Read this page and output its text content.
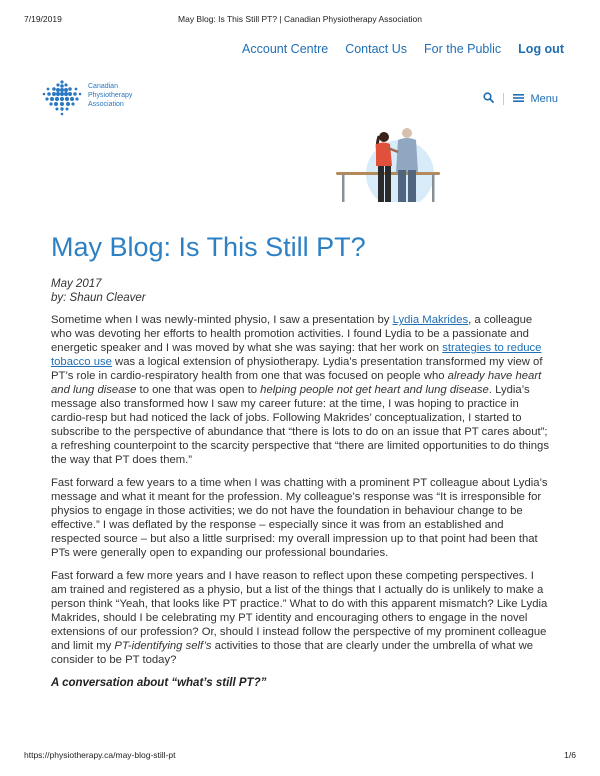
7/19/2019	May Blog: Is This Still PT? | Canadian Physiotherapy Association
Account Centre Contact Us For the Public Log out
Canadian
Physiotherapy
Association	Menu
May Blog: Is This Still PT?
May 2017
by: Shaun Cleaver

Sometime when I was newly-minted physio, I saw a presentation by Lydia Makrides, a colleague who was devoting her efforts to health promotion activities. I found Lydia to be a passionate and energetic speaker and I was moved by what she was saying: that her work on strategies to reduce tobacco use was a logical extension of physiotherapy. Lydia’s presentation transformed my view of PT’s role in cardio-respiratory health from one that was focused on people who already have heart and lung disease to one that was open to helping people not get heart and lung disease. Lydia’s message also transformed how I saw my career future: at the time, I was hoping to practice in cardio-resp but had noticed the lack of jobs. Following Makrides’ conceptualization, I started to subscribe to the perspective of abundance that “there is lots to do on an issue that PT cares about”; a refreshing counterpoint to the scarcity perspective that “there are limited opportunities to do things the way that PT does them.”

Fast forward a few years to a time when I was chatting with a prominent PT colleague about Lydia’s message and what it meant for the profession. My colleague’s response was “It is irresponsible for physios to engage in those activities; we do not have the foundation in behaviour change to be effective.” I was deflated by the response – especially since it was from an established and respected source – but also a little surprised: my overall impression up to that point had been that PTs were generally open to expanding our professional boundaries.

Fast forward a few more years and I have reason to reflect upon these competing perspectives. I am trained and registered as a physio, but a list of the things that I actually do is unlikely to make a person think “Yeah, that looks like PT practice.” What to do with this apparent mismatch? Like Lydia Makrides, should I be celebrating my PT identity and encouraging others to engage in the novel extensions of our profession? Or, should I instead follow the perspective of my prominent colleague and limit my PT-identifying self’s activities to those that are clearly under the umbrella of what we consider to be PT today?

A conversation about “what’s still PT?”
https://physiotherapy.ca/may-blog-still-pt	1/6
